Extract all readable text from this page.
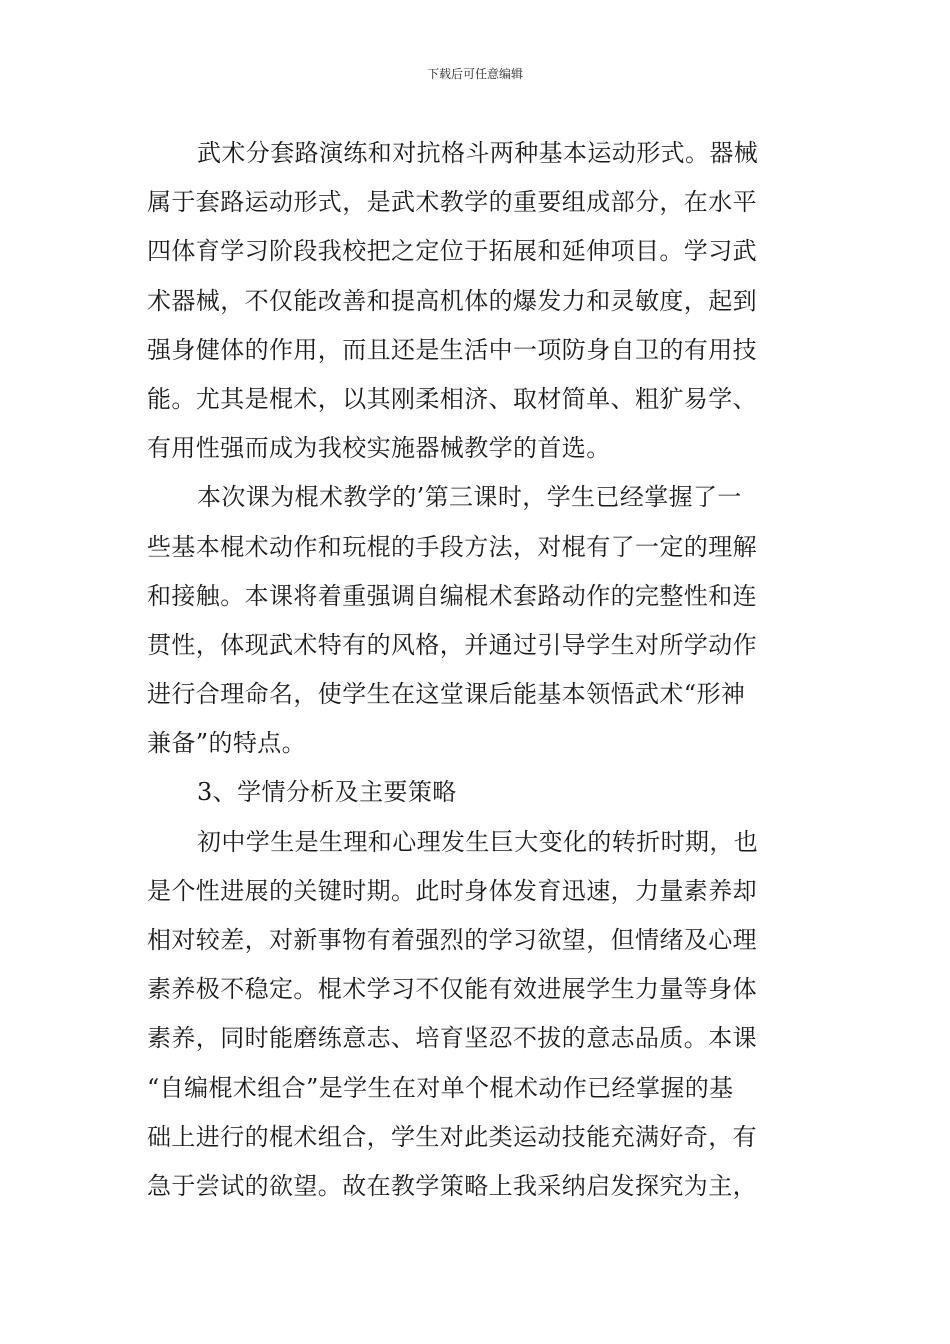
下载后可任意编辑
武术分套路演练和对抗格斗两种基本运动形式。器械
属于套路运动形式，是武术教学的重要组成部分，在水平
四体育学习阶段我校把之定位于拓展和延伸项目。学习武
术器械，不仅能改善和提高机体的爆发力和灵敏度，起到
强身健体的作用，而且还是生活中一项防身自卫的有用技
能。尤其是棍术，以其刚柔相济、取材简单、粗犷易学、
有用性强而成为我校实施器械教学的首选。
本次课为棍术教学的’第三课时，学生已经掌握了一
些基本棍术动作和玩棍的手段方法，对棍有了一定的理解
和接触。本课将着重强调自编棍术套路动作的完整性和连
贯性，体现武术特有的风格，并通过引导学生对所学动作
进行合理命名，使学生在这堂课后能基本领悟武术“形神
兼备”的特点。
3、学情分析及主要策略
初中学生是生理和心理发生巨大变化的转折时期，也
是个性进展的关键时期。此时身体发育迅速，力量素养却
相对较差，对新事物有着强烈的学习欲望，但情绪及心理
素养极不稳定。棍术学习不仅能有效进展学生力量等身体
素养，同时能磨练意志、培育坚忍不拔的意志品质。本课
“自编棍术组合”是学生在对单个棍术动作已经掌握的基
础上进行的棍术组合，学生对此类运动技能充满好奇，有
急于尝试的欲望。故在教学策略上我采纳启发探究为主，
